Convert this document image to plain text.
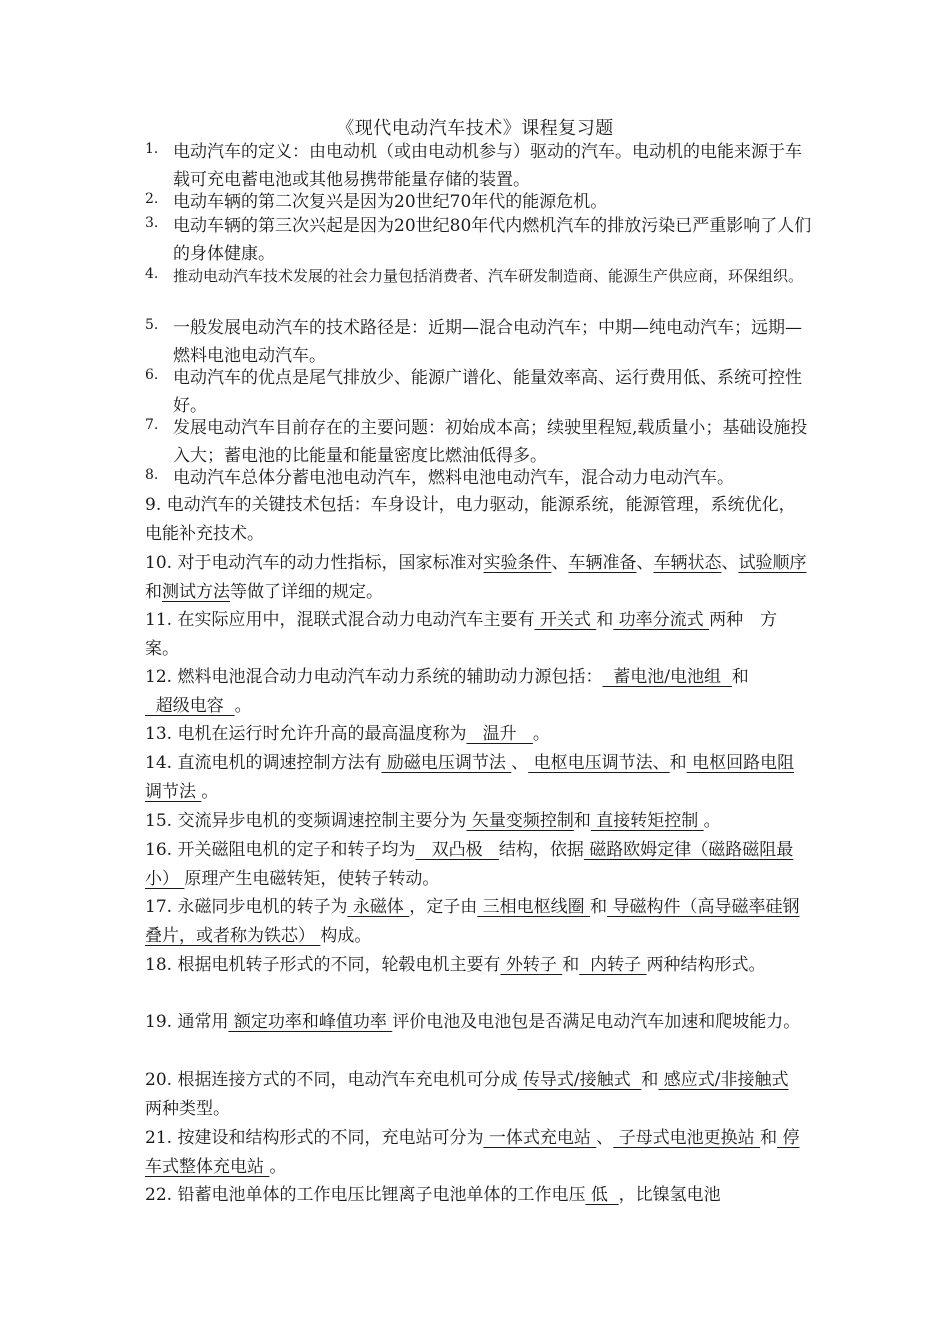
《现代电动汽车技术》课程复习题
1. 电动汽车的定义：由电动机（或由电动机参与）驱动的汽车。电动机的电能来源于车载可充电蓄电池或其他易携带能量存储的装置。
2. 电动车辆的第二次复兴是因为20世纪70年代的能源危机。
3. 电动车辆的第三次兴起是因为20世纪80年代内燃机汽车的排放污染已严重影响了人们的身体健康。
4. 推动电动汽车技术发展的社会力量包括消费者、汽车研发制造商、能源生产供应商，环保组织。
5. 一般发展电动汽车的技术路径是：近期—混合电动汽车；中期—纯电动汽车；远期—燃料电池电动汽车。
6. 电动汽车的优点是尾气排放少、能源广谱化、能量效率高、运行费用低、系统可控性好。
7. 发展电动汽车目前存在的主要问题：初始成本高；续驶里程短,载质量小；基础设施投入大；蓄电池的比能量和能量密度比燃油低得多。
8. 电动汽车总体分蓄电池电动汽车，燃料电池电动汽车，混合动力电动汽车。
9. 电动汽车的关键技术包括：车身设计，电力驱动，能源系统，能源管理，系统优化，电能补充技术。
10. 对于电动汽车的动力性指标，国家标准对实验条件、车辆准备、车辆状态、试验顺序和测试方法等做了详细的规定。
11. 在实际应用中，混联式混合动力电动汽车主要有 开关式 和 功率分流式 两种　方案。
12. 燃料电池混合动力电动汽车动力系统的辅助动力源包括：  蓄电池/电池组  和  超级电容  。
13. 电机在运行时允许升高的最高温度称为   温升   。
14. 直流电机的调速控制方法有 励磁电压调节法 、 电枢电压调节法、和 电枢回路电阻调节法 。
15. 交流异步电机的变频调速控制主要分为 矢量变频控制和 直接转矩控制 。
16. 开关磁阻电机的定子和转子均为   双凸极   结构，依据 磁路欧姆定律（磁路磁阻最小） 原理产生电磁转矩，使转子转动。
17. 永磁同步电机的转子为 永磁体 ，定子由 三相电枢线圈 和 导磁构件（高导磁率硅钢叠片，或者称为铁芯） 构成。
18. 根据电机转子形式的不同，轮毂电机主要有 外转子 和  内转子 两种结构形式。
19. 通常用 额定功率和峰值功率 评价电池及电池包是否满足电动汽车加速和爬坡能力。
20. 根据连接方式的不同，电动汽车充电机可分成 传导式/接触式  和 感应式/非接触式 两种类型。
21. 按建设和结构形式的不同，充电站可分为 一体式充电站 、 子母式电池更换站 和 停车式整体充电站 。
22. 铅蓄电池单体的工作电压比锂离子电池单体的工作电压 低  ，比镍氢电池
